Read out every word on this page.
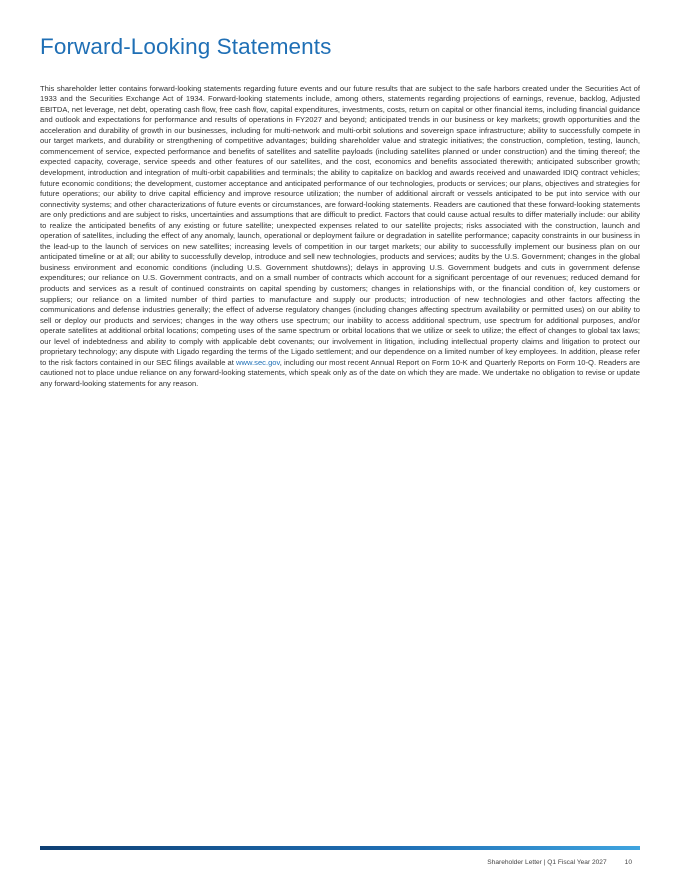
Forward-Looking Statements

This shareholder letter contains forward-looking statements regarding future events and our future results that are subject to the safe harbors created under the Securities Act of 1933 and the Securities Exchange Act of 1934. Forward-looking statements include, among others, statements regarding projections of earnings, revenue, backlog, Adjusted EBITDA, net leverage, net debt, operating cash flow, free cash flow, capital expenditures, investments, costs, return on capital or other financial items, including financial guidance and outlook and expectations for performance and results of operations in FY2027 and beyond; anticipated trends in our business or key markets; growth opportunities and the acceleration and durability of growth in our businesses, including for multi-network and multi-orbit solutions and sovereign space infrastructure; ability to successfully compete in our target markets, and durability or strengthening of competitive advantages; building shareholder value and strategic initiatives; the construction, completion, testing, launch, commencement of service, expected performance and benefits of satellites and satellite payloads (including satellites planned or under construction) and the timing thereof; the expected capacity, coverage, service speeds and other features of our satellites, and the cost, economics and benefits associated therewith; anticipated subscriber growth; development, introduction and integration of multi-orbit capabilities and terminals; the ability to capitalize on backlog and awards received and unawarded IDIQ contract vehicles; future economic conditions; the development, customer acceptance and anticipated performance of our technologies, products or services; our plans, objectives and strategies for future operations; our ability to drive capital efficiency and improve resource utilization; the number of additional aircraft or vessels anticipated to be put into service with our connectivity systems; and other characterizations of future events or circumstances, are forward-looking statements. Readers are cautioned that these forward-looking statements are only predictions and are subject to risks, uncertainties and assumptions that are difficult to predict. Factors that could cause actual results to differ materially include: our ability to realize the anticipated benefits of any existing or future satellite; unexpected expenses related to our satellite projects; risks associated with the construction, launch and operation of satellites, including the effect of any anomaly, launch, operational or deployment failure or degradation in satellite performance; capacity constraints in our business in the lead-up to the launch of services on new satellites; increasing levels of competition in our target markets; our ability to successfully implement our business plan on our anticipated timeline or at all; our ability to successfully develop, introduce and sell new technologies, products and services; audits by the U.S. Government; changes in the global business environment and economic conditions (including U.S. Government shutdowns); delays in approving U.S. Government budgets and cuts in government defense expenditures; our reliance on U.S. Government contracts, and on a small number of contracts which account for a significant percentage of our revenues; reduced demand for products and services as a result of continued constraints on capital spending by customers; changes in relationships with, or the financial condition of, key customers or suppliers; our reliance on a limited number of third parties to manufacture and supply our products; introduction of new technologies and other factors affecting the communications and defense industries generally; the effect of adverse regulatory changes (including changes affecting spectrum availability or permitted uses) on our ability to sell or deploy our products and services; changes in the way others use spectrum; our inability to access additional spectrum, use spectrum for additional purposes, and/or operate satellites at additional orbital locations; competing uses of the same spectrum or orbital locations that we utilize or seek to utilize; the effect of changes to global tax laws; our level of indebtedness and ability to comply with applicable debt covenants; our involvement in litigation, including intellectual property claims and litigation to protect our proprietary technology; any dispute with Ligado regarding the terms of the Ligado settlement; and our dependence on a limited number of key employees. In addition, please refer to the risk factors contained in our SEC filings available at www.sec.gov, including our most recent Annual Report on Form 10-K and Quarterly Reports on Form 10-Q. Readers are cautioned not to place undue reliance on any forward-looking statements, which speak only as of the date on which they are made. We undertake no obligation to revise or update any forward-looking statements for any reason.

Shareholder Letter | Q1 Fiscal Year 2027	10
